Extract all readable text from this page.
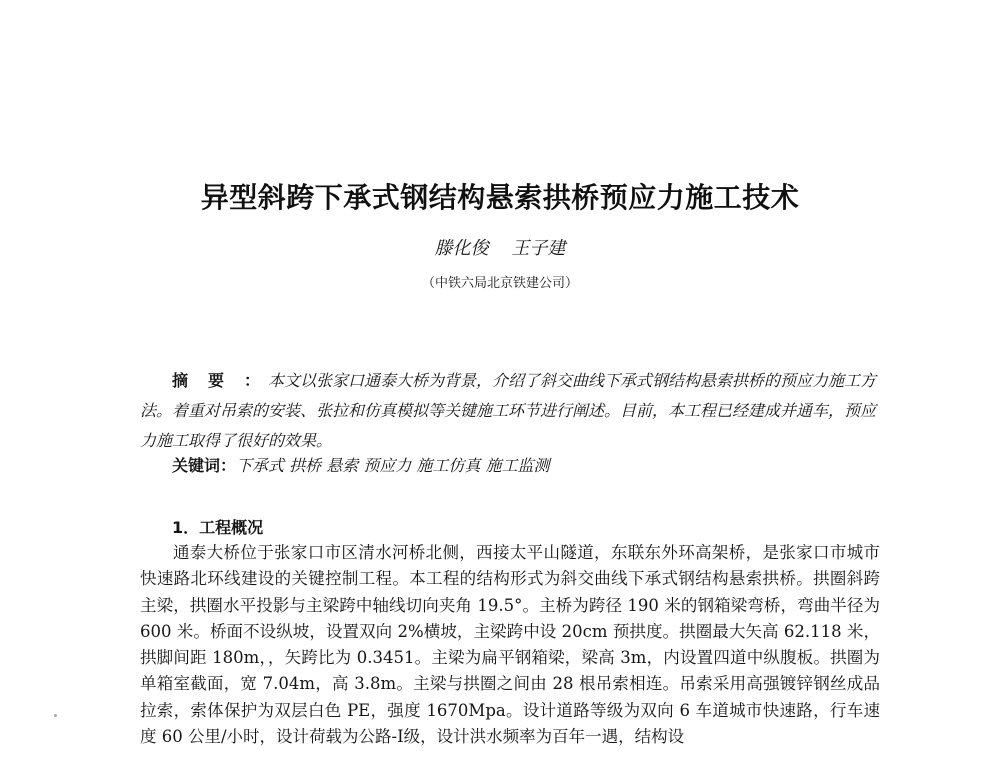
异型斜跨下承式钢结构悬索拱桥预应力施工技术
滕化俊    王子建
（中铁六局北京铁建公司）
摘要：本文以张家口通泰大桥为背景，介绍了斜交曲线下承式钢结构悬索拱桥的预应力施工方法。着重对吊索的安装、张拉和仿真模拟等关键施工环节进行阐述。目前，本工程已经建成并通车，预应力施工取得了很好的效果。
关键词：下承式 拱桥 悬索 预应力 施工仿真 施工监测
1．工程概况
通泰大桥位于张家口市区清水河桥北侧，西接太平山隧道，东联东外环高架桥，是张家口市城市快速路北环线建设的关键控制工程。本工程的结构形式为斜交曲线下承式钢结构悬索拱桥。拱圈斜跨主梁，拱圈水平投影与主梁跨中轴线切向夹角 19.5°。主桥为跨径 190 米的钢箱梁弯桥，弯曲半径为 600 米。桥面不设纵坡，设置双向 2%横坡，主梁跨中设 20cm 预拱度。拱圈最大矢高 62.118 米，拱脚间距 180m，，矢跨比为 0.3451。主梁为扁平钢箱梁，梁高 3m，内设置四道中纵腹板。拱圈为单箱室截面，宽 7.04m，高 3.8m。主梁与拱圈之间由 28 根吊索相连。吊索采用高强镀锌钢丝成品拉索，索体保护为双层白色 PE，强度 1670Mpa。设计道路等级为双向 6 车道城市快速路，行车速度 60 公里/小时，设计荷载为公路-Ⅰ级，设计洪水频率为百年一遇，结构设
